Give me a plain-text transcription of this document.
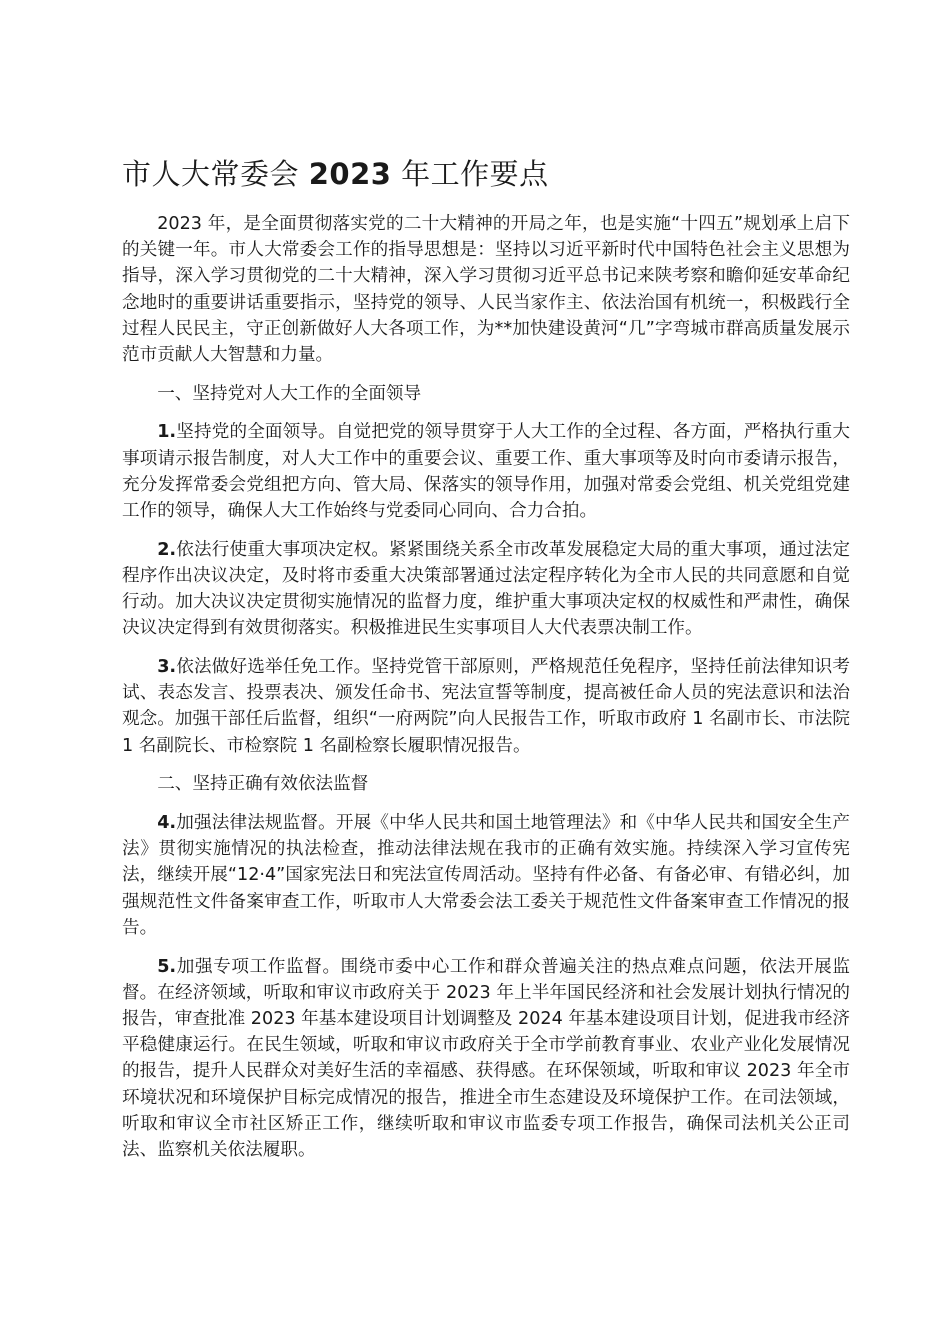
市人大常委会 2023 年工作要点

2023 年，是全面贯彻落实党的二十大精神的开局之年，也是实施“十四五”规划承上启下的关键一年。市人大常委会工作的指导思想是：坚持以习近平新时代中国特色社会主义思想为指导，深入学习贯彻党的二十大精神，深入学习贯彻习近平总书记来陕考察和瞻仰延安革命纪念地时的重要讲话重要指示，坚持党的领导、人民当家作主、依法治国有机统一，积极践行全过程人民民主，守正创新做好人大各项工作，为**加快建设黄河“几”字弯城市群高质量发展示范市贡献人大智慧和力量。

一、坚持党对人大工作的全面领导

1.坚持党的全面领导。自觉把党的领导贯穿于人大工作的全过程、各方面，严格执行重大事项请示报告制度，对人大工作中的重要会议、重要工作、重大事项等及时向市委请示报告，充分发挥常委会党组把方向、管大局、保落实的领导作用，加强对常委会党组、机关党组党建工作的领导，确保人大工作始终与党委同心同向、合力合拍。

2.依法行使重大事项决定权。紧紧围绕关系全市改革发展稳定大局的重大事项，通过法定程序作出决议决定，及时将市委重大决策部署通过法定程序转化为全市人民的共同意愿和自觉行动。加大决议决定贯彻实施情况的监督力度，维护重大事项决定权的权威性和严肃性，确保决议决定得到有效贯彻落实。积极推进民生实事项目人大代表票决制工作。

3.依法做好选举任免工作。坚持党管干部原则，严格规范任免程序，坚持任前法律知识考试、表态发言、投票表决、颁发任命书、宪法宣誓等制度，提高被任命人员的宪法意识和法治观念。加强干部任后监督，组织“一府两院”向人民报告工作，听取市政府 1 名副市长、市法院 1 名副院长、市检察院 1 名副检察长履职情况报告。

二、坚持正确有效依法监督

4.加强法律法规监督。开展《中华人民共和国土地管理法》和《中华人民共和国安全生产法》贯彻实施情况的执法检查，推动法律法规在我市的正确有效实施。持续深入学习宣传宪法，继续开展“12·4”国家宪法日和宪法宣传周活动。坚持有件必备、有备必审、有错必纠，加强规范性文件备案审查工作，听取市人大常委会法工委关于规范性文件备案审查工作情况的报告。

5.加强专项工作监督。围绕市委中心工作和群众普遍关注的热点难点问题，依法开展监督。在经济领域，听取和审议市政府关于 2023 年上半年国民经济和社会发展计划执行情况的报告，审查批准 2023 年基本建设项目计划调整及 2024 年基本建设项目计划，促进我市经济平稳健康运行。在民生领域，听取和审议市政府关于全市学前教育事业、农业产业化发展情况的报告，提升人民群众对美好生活的幸福感、获得感。在环保领域，听取和审议 2023 年全市环境状况和环境保护目标完成情况的报告，推进全市生态建设及环境保护工作。在司法领域，听取和审议全市社区矫正工作，继续听取和审议市监委专项工作报告，确保司法机关公正司法、监察机关依法履职。
